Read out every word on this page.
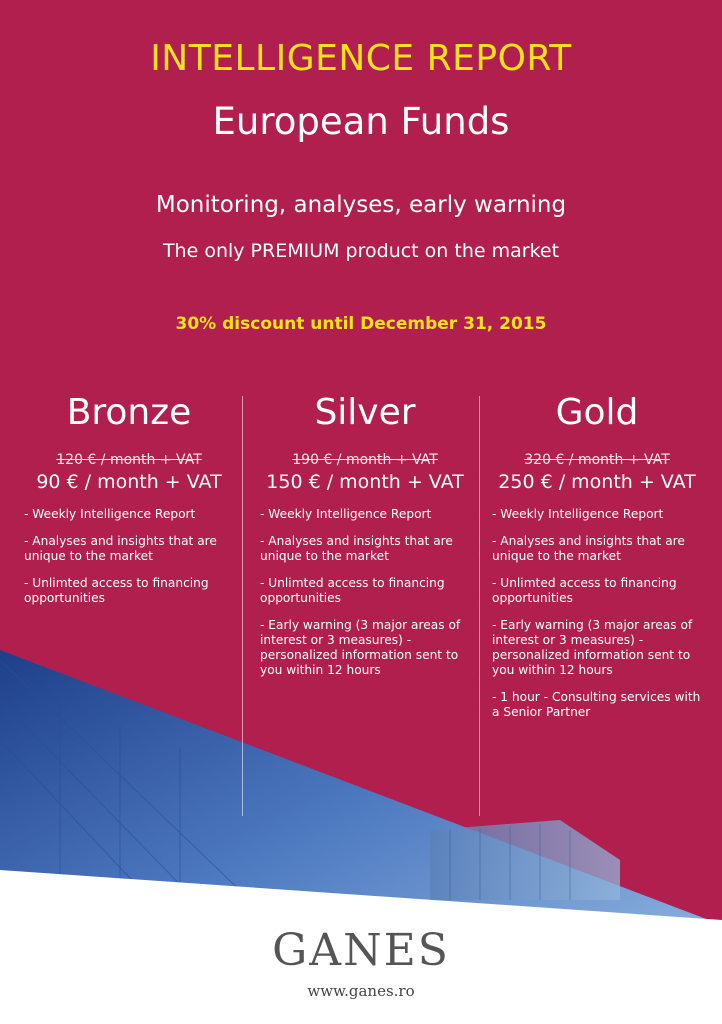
INTELLIGENCE REPORT
European Funds
Monitoring, analyses, early warning
The only PREMIUM product on the market
30% discount until December 31, 2015
Bronze
120 € / month + VAT
90 € / month + VAT
- Weekly Intelligence Report
- Analyses and insights that are unique to the market
- Unlimted access to financing opportunities
Silver
190 € / month + VAT
150 € / month + VAT
- Weekly Intelligence Report
- Analyses and insights that are unique to the market
- Unlimted access to financing opportunities
- Early warning (3 major areas of interest or 3 measures) - personalized information sent to you within 12 hours
Gold
320 € / month + VAT
250 € / month + VAT
- Weekly Intelligence Report
- Analyses and insights that are unique to the market
- Unlimted access to financing opportunities
- Early warning (3 major areas of interest or 3 measures) - personalized information sent to you within 12 hours
- 1 hour - Consulting services with a Senior Partner
GANES
www.ganes.ro
